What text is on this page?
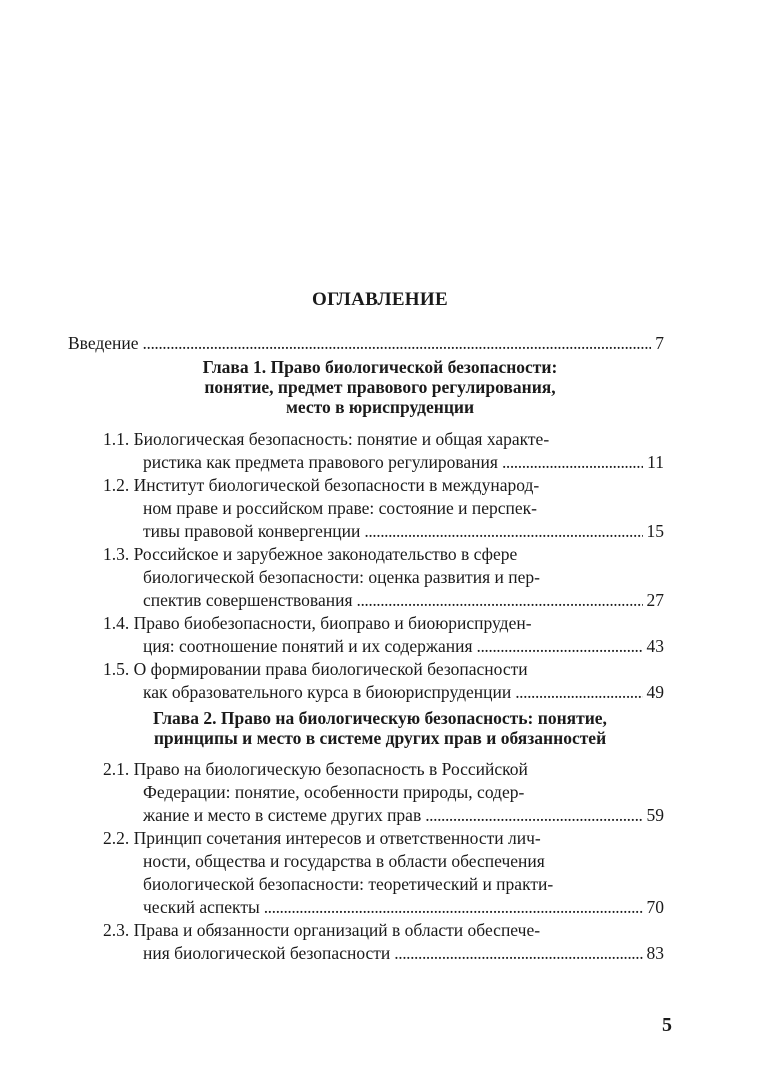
ОГЛАВЛЕНИЕ
Введение . . .	7
Глава 1. Право биологической безопасности:
понятие, предмет правового регулирования,
место в юриспруденции
1.1. Биологическая безопасность: понятие и общая характе-
ристика как предмета правового регулирования . . .	11
1.2. Институт биологической безопасности в международ-
ном праве и российском праве: состояние и перспек-
тивы правовой конвергенции . . .	15
1.3. Российское и зарубежное законодательство в сфере
биологической безопасности: оценка развития и пер-
спектив совершенствования . . .	27
1.4. Право биобезопасности, биоправо и биоюриспруден-
ция: соотношение понятий и их содержания . . .	43
1.5. О формировании права биологической безопасности
как образовательного курса в биоюриспруденции . . .	49
Глава 2. Право на биологическую безопасность: понятие,
принципы и место в системе других прав и обязанностей
2.1. Право на биологическую безопасность в Российской
Федерации: понятие, особенности природы, содер-
жание и место в системе других прав . . .	59
2.2. Принцип сочетания интересов и ответственности лич-
ности, общества и государства в области обеспечения
биологической безопасности: теоретический и практи-
ческий аспекты . . .	70
2.3. Права и обязанности организаций в области обеспече-
ния биологической безопасности . . .	83
5
